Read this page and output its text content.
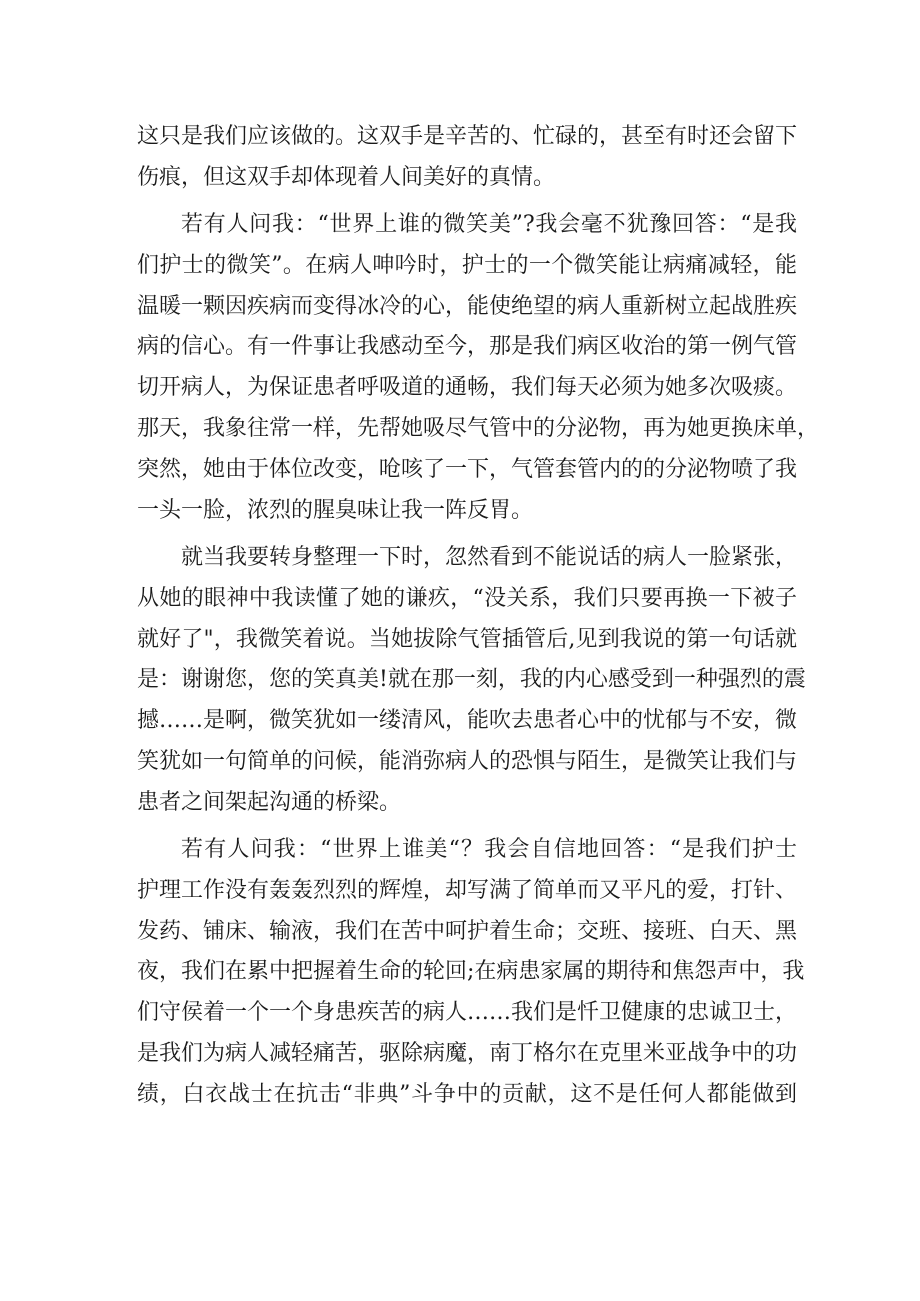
这只是我们应该做的。这双手是辛苦的、忙碌的，甚至有时还会留下
伤痕，但这双手却体现着人间美好的真情。
若有人问我：“世界上谁的微笑美”?我会毫不犹豫回答：“是我
们护士的微笑”。在病人呻吟时，护士的一个微笑能让病痛减轻，能
温暖一颗因疾病而变得冰冷的心，能使绝望的病人重新树立起战胜疾
病的信心。有一件事让我感动至今，那是我们病区收治的第一例气管
切开病人，为保证患者呼吸道的通畅，我们每天必须为她多次吸痰。
那天，我象往常一样，先帮她吸尽气管中的分泌物，再为她更换床单，
突然，她由于体位改变，呛咳了一下，气管套管内的的分泌物喷了我
一头一脸，浓烈的腥臭味让我一阵反胃。
就当我要转身整理一下时，忽然看到不能说话的病人一脸紧张，
从她的眼神中我读懂了她的谦疚，“没关系，我们只要再换一下被子
就好了"，我微笑着说。当她拔除气管插管后,见到我说的第一句话就
是：谢谢您，您的笑真美!就在那一刻，我的内心感受到一种强烈的震
撼……是啊，微笑犹如一缕清风，能吹去患者心中的忧郁与不安，微
笑犹如一句简单的问候，能消弥病人的恐惧与陌生，是微笑让我们与
患者之间架起沟通的桥梁。
若有人问我：“世界上谁美“？我会自信地回答：“是我们护士
护理工作没有轰轰烈烈的辉煌，却写满了简单而又平凡的爱，打针、
发药、铺床、输液，我们在苦中呵护着生命；交班、接班、白天、黑
夜，我们在累中把握着生命的轮回;在病患家属的期待和焦怨声中，我
们守侯着一个一个身患疾苦的病人……我们是忏卫健康的忠诚卫士，
是我们为病人减轻痛苦，驱除病魔，南丁格尔在克里米亚战争中的功
绩，白衣战士在抗击“非典”斗争中的贡献，这不是任何人都能做到
